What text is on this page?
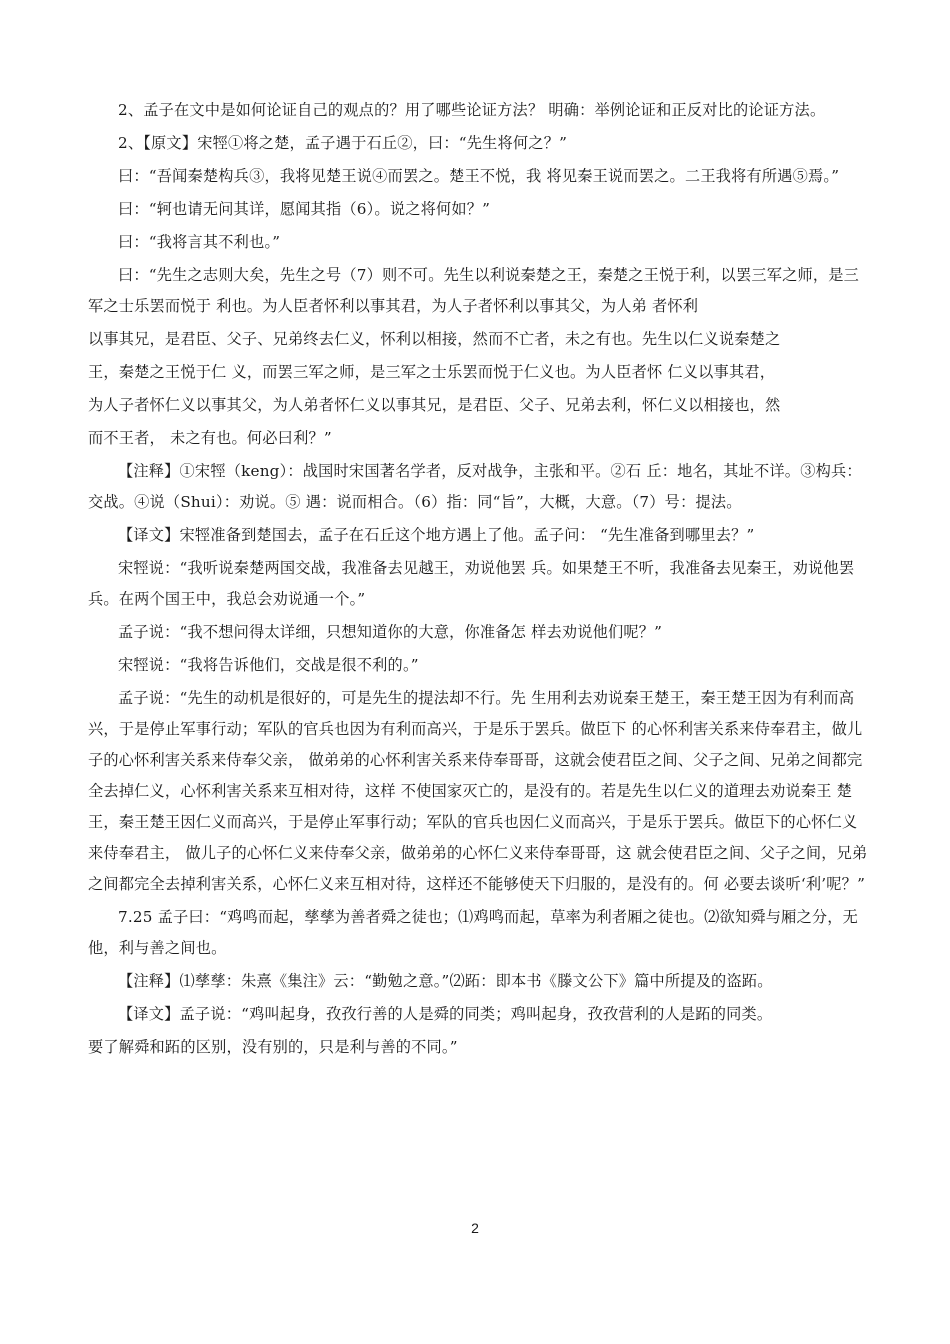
2、孟子在文中是如何论证自己的观点的？用了哪些论证方法？ 明确：举例论证和正反对比的论证方法。

2、【原文】宋牼①将之楚，孟子遇于石丘②，曰：“先生将何之？”

曰：“吾闻秦楚构兵③，我将见楚王说④而罢之。楚王不悦，我 将见秦王说而罢之。二王我将有所遇⑤焉。”

曰：“轲也请无问其详，愿闻其指（6）。说之将何如？”

曰：“我将言其不利也。”

曰：“先生之志则大矣，先生之号（7）则不可。先生以利说秦楚之王，秦楚之王悦于利，以罢三军之师，是三军之士乐罢而悦于 利也。为人臣者怀利以事其君，为人子者怀利以事其父，为人弟 者怀利

以事其兄，是君臣、父子、兄弟终去仁义，怀利以相接，然而不亡者，未之有也。先生以仁义说秦楚之

王，秦楚之王悦于仁 义，而罢三军之师，是三军之士乐罢而悦于仁义也。为人臣者怀 仁义以事其君，

为人子者怀仁义以事其父，为人弟者怀仁义以事其兄，是君臣、父子、兄弟去利，怀仁义以相接也，然

而不王者， 未之有也。何必曰利？”

【注释】①宋牼（keng）：战国时宋国著名学者，反对战争，主张和平。②石 丘：地名，其址不详。③构兵：交战。④说（Shui）：劝说。⑤ 遇：说而相合。（6）指：同“旨”，大概，大意。（7）号：提法。

【译文】宋牼准备到楚国去，孟子在石丘这个地方遇上了他。孟子问： “先生准备到哪里去？”

宋牼说：“我听说秦楚两国交战，我准备去见越王，劝说他罢 兵。如果楚王不听，我准备去见秦王，劝说他罢兵。在两个国王中，我总会劝说通一个。”

孟子说：“我不想问得太详细，只想知道你的大意，你准备怎 样去劝说他们呢？”

宋牼说：“我将告诉他们，交战是很不利的。”

孟子说：“先生的动机是很好的，可是先生的提法却不行。先 生用利去劝说秦王楚王，秦王楚王因为有利而高兴，于是停止军事行动；军队的官兵也因为有利而高兴，于是乐于罢兵。做臣下 的心怀利害关系来侍奉君主，做儿子的心怀利害关系来侍奉父亲， 做弟弟的心怀利害关系来侍奉哥哥，这就会使君臣之间、父子之间、兄弟之间都完全去掉仁义，心怀利害关系来互相对待，这样 不使国家灭亡的，是没有的。若是先生以仁义的道理去劝说秦王 楚王，秦王楚王因仁义而高兴，于是停止军事行动；军队的官兵也因仁义而高兴，于是乐于罢兵。做臣下的心怀仁义来侍奉君主， 做儿子的心怀仁义来侍奉父亲，做弟弟的心怀仁义来侍奉哥哥，这 就会使君臣之间、父子之间，兄弟之间都完全去掉利害关系，心怀仁义来互相对待，这样还不能够使天下归服的，是没有的。何 必要去谈听‘利’呢？”

7.25 孟子曰：“鸡鸣而起，孳孳为善者舜之徒也；⑴鸡鸣而起，草率为利者厢之徒也。⑵欲知舜与厢之分，无他，利与善之间也。

【注释】⑴孳孳：朱熹《集注》云：“勤勉之意。”⑵跖：即本书《滕文公下》篇中所提及的盗跖。

【译文】孟子说：“鸡叫起身，孜孜行善的人是舜的同类；鸡叫起身，孜孜营利的人是跖的同类。

要了解舜和跖的区别，没有别的，只是利与善的不同。”

2
